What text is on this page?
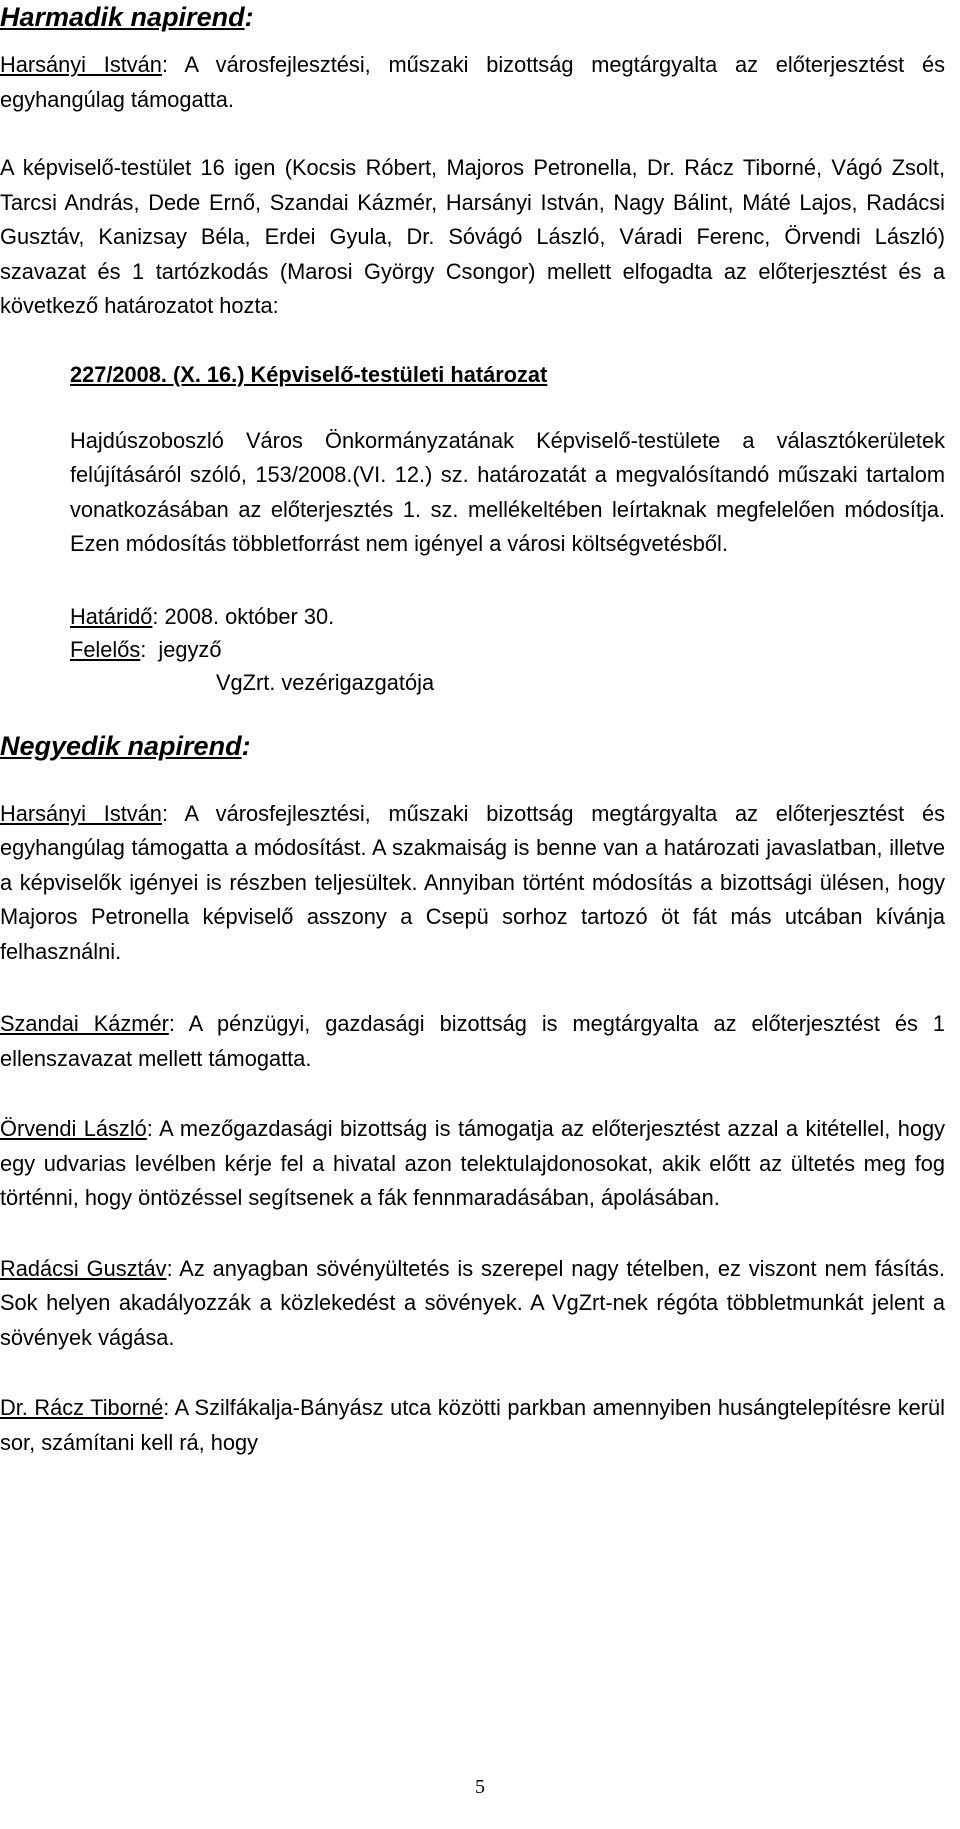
Harmadik napirend:

Harsányi István: A városfejlesztési, műszaki bizottság megtárgyalta az előterjesztést és egyhangúlag támogatta.

A képviselő-testület 16 igen (Kocsis Róbert, Majoros Petronella, Dr. Rácz Tiborné, Vágó Zsolt, Tarcsi András, Dede Ernő, Szandai Kázmér, Harsányi István, Nagy Bálint, Máté Lajos, Radácsi Gusztáv, Kanizsay Béla, Erdei Gyula, Dr. Sóvágó László, Váradi Ferenc, Örvendi László) szavazat és 1 tartózkodás (Marosi György Csongor) mellett elfogadta az előterjesztést és a következő határozatot hozta:

227/2008. (X. 16.) Képviselő-testületi határozat

Hajdúszoboszló Város Önkormányzatának Képviselő-testülete a választókerületek felújításáról szóló, 153/2008.(VI. 12.) sz. határozatát a megvalósítandó műszaki tartalom vonatkozásában az előterjesztés 1. sz. mellékeltében leírtaknak megfelelően módosítja. Ezen módosítás többletforrást nem igényel a városi költségvetésből.

Határidő: 2008. október 30.
Felelős:  jegyző
VgZrt. vezérigazgatója
Negyedik napirend:

Harsányi István: A városfejlesztési, műszaki bizottság megtárgyalta az előterjesztést és egyhangúlag támogatta a módosítást. A szakmaiság is benne van a határozati javaslatban, illetve a képviselők igényei is részben teljesültek. Annyiban történt módosítás a bizottsági ülésen, hogy Majoros Petronella képviselő asszony a Csepü sorhoz tartozó öt fát más utcában kívánja felhasználni.

Szandai Kázmér: A pénzügyi, gazdasági bizottság is megtárgyalta az előterjesztést és 1 ellenszavazat mellett támogatta.

Örvendi László: A mezőgazdasági bizottság is támogatja az előterjesztést azzal a kitétellel, hogy egy udvarias levélben kérje fel a hivatal azon telektulajdonosokat, akik előtt az ültetés meg fog történni, hogy öntözéssel segítsenek a fák fennmaradásában, ápolásában.

Radácsi Gusztáv: Az anyagban sövényültetés is szerepel nagy tételben, ez viszont nem fásítás. Sok helyen akadályozzák a közlekedést a sövények. A VgZrt-nek régóta többletmunkát jelent a sövények vágása.

Dr. Rácz Tiborné: A Szilfákalja-Bányász utca közötti parkban amennyiben husángtelepítésre kerül sor, számítani kell rá, hogy

5
